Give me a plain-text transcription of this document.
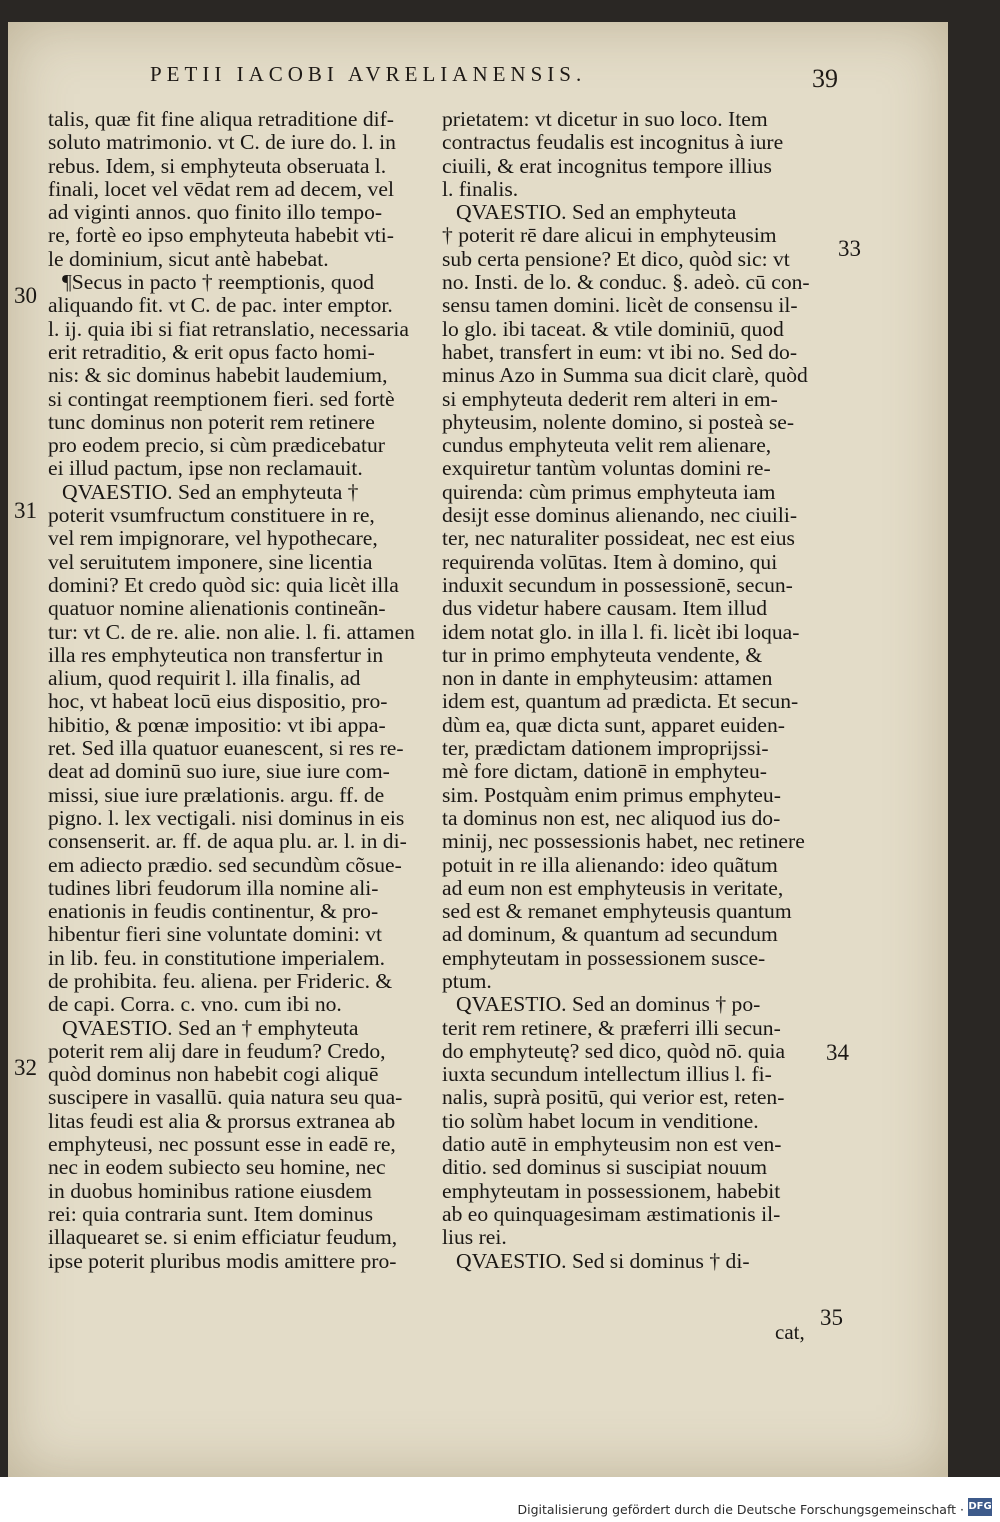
PETII IACOBI AVRELIANENSIS.	39
talis, quæ fit fine aliqua retraditione dif-
soluto matrimonio. vt C. de iure do. l. in
rebus. Idem, si emphyteuta obseruata l.
finali, locet vel vēdat rem ad decem, vel
ad viginti annos. quo finito illo tempo-
re, fortè eo ipso emphyteuta habebit vti-
le dominium, sicut antè habebat.
¶Secus in pacto † reemptionis, quod
aliquando fit. vt C. de pac. inter emptor.
l. ij. quia ibi si fiat retranslatio, necessaria
erit retraditio, & erit opus facto homi-
nis: & sic dominus habebit laudemium,
si contingat reemptionem fieri. sed fortè
tunc dominus non poterit rem retinere
pro eodem precio, si cùm prædicebatur
ei illud pactum, ipse non reclamauit.
QVAESTIO. Sed an emphyteuta †
poterit vsumfructum constituere in re,
vel rem impignorare, vel hypothecare,
vel seruitutem imponere, sine licentia
domini? Et credo quòd sic: quia licèt illa
quatuor nomine alienationis contineãn-
tur: vt C. de re. alie. non alie. l. fi. attamen
illa res emphyteutica non transfertur in
alium, quod requirit l. illa finalis, ad
hoc, vt habeat locū eius dispositio, pro-
hibitio, & pœnæ impositio: vt ibi appa-
ret. Sed illa quatuor euanescent, si res re-
deat ad dominū suo iure, siue iure com-
missi, siue iure prælationis. argu. ff. de
pigno. l. lex vectigali. nisi dominus in eis
consenserit. ar. ff. de aqua plu. ar. l. in di-
em adiecto prædio. sed secundùm cõsue-
tudines libri feudorum illa nomine ali-
enationis in feudis continentur, & pro-
hibentur fieri sine voluntate domini: vt
in lib. feu. in constitutione imperialem.
de prohibita. feu. aliena. per Frideric. &
de capi. Corra. c. vno. cum ibi no.
QVAESTIO. Sed an † emphyteuta
poterit rem alij dare in feudum? Credo,
quòd dominus non habebit cogi aliquē
suscipere in vasallū. quia natura seu qua-
litas feudi est alia & prorsus extranea ab
emphyteusi, nec possunt esse in eadē re,
nec in eodem subiecto seu homine, nec
in duobus hominibus ratione eiusdem
rei: quia contraria sunt. Item dominus
illaquearet se. si enim efficiatur feudum,
ipse poterit pluribus modis amittere pro-
prietatem: vt dicetur in suo loco. Item
contractus feudalis est incognitus à iure
ciuili, & erat incognitus tempore illius
l. finalis.
QVAESTIO. Sed an emphyteuta
† poterit rē dare alicui in emphyteusim
sub certa pensione? Et dico, quòd sic: vt
no. Insti. de lo. & conduc. §. adeò. cū con-
sensu tamen domini. licèt de consensu il-
lo glo. ibi taceat. & vtile dominiū, quod
habet, transfert in eum: vt ibi no. Sed do-
minus Azo in Summa sua dicit clarè, quòd
si emphyteuta dederit rem alteri in em-
phyteusim, nolente domino, si posteà se-
cundus emphyteuta velit rem alienare,
exquiretur tantùm voluntas domini re-
quirenda: cùm primus emphyteuta iam
desijt esse dominus alienando, nec ciuili-
ter, nec naturaliter possideat, nec est eius
requirenda volūtas. Item à domino, qui
induxit secundum in possessionē, secun-
dus videtur habere causam. Item illud
idem notat glo. in illa l. fi. licèt ibi loqua-
tur in primo emphyteuta vendente, &
non in dante in emphyteusim: attamen
idem est, quantum ad prædicta. Et secun-
dùm ea, quæ dicta sunt, apparet euiden-
ter, prædictam dationem improprijssi-
mè fore dictam, dationē in emphyteu-
sim. Postquàm enim primus emphyteu-
ta dominus non est, nec aliquod ius do-
minij, nec possessionis habet, nec retinere
potuit in re illa alienando: ideo quãtum
ad eum non est emphyteusis in veritate,
sed est & remanet emphyteusis quantum
ad dominum, & quantum ad secundum
emphyteutam in possessionem susce-
ptum.
QVAESTIO. Sed an dominus † po-
terit rem retinere, & præferri illi secun-
do emphyteutę? sed dico, quòd nō. quia
iuxta secundum intellectum illius l. fi-
nalis, suprà positū, qui verior est, reten-
tio solùm habet locum in venditione.
datio autē in emphyteusim non est ven-
ditio. sed dominus si suscipiat nouum
emphyteutam in possessionem, habebit
ab eo quinquagesimam æstimationis il-
lius rei.
QVAESTIO. Sed si dominus † di-
30
31
32
33
34
35
cat,
Digitalisierung gefördert durch die Deutsche Forschungsgemeinschaft · DFG
